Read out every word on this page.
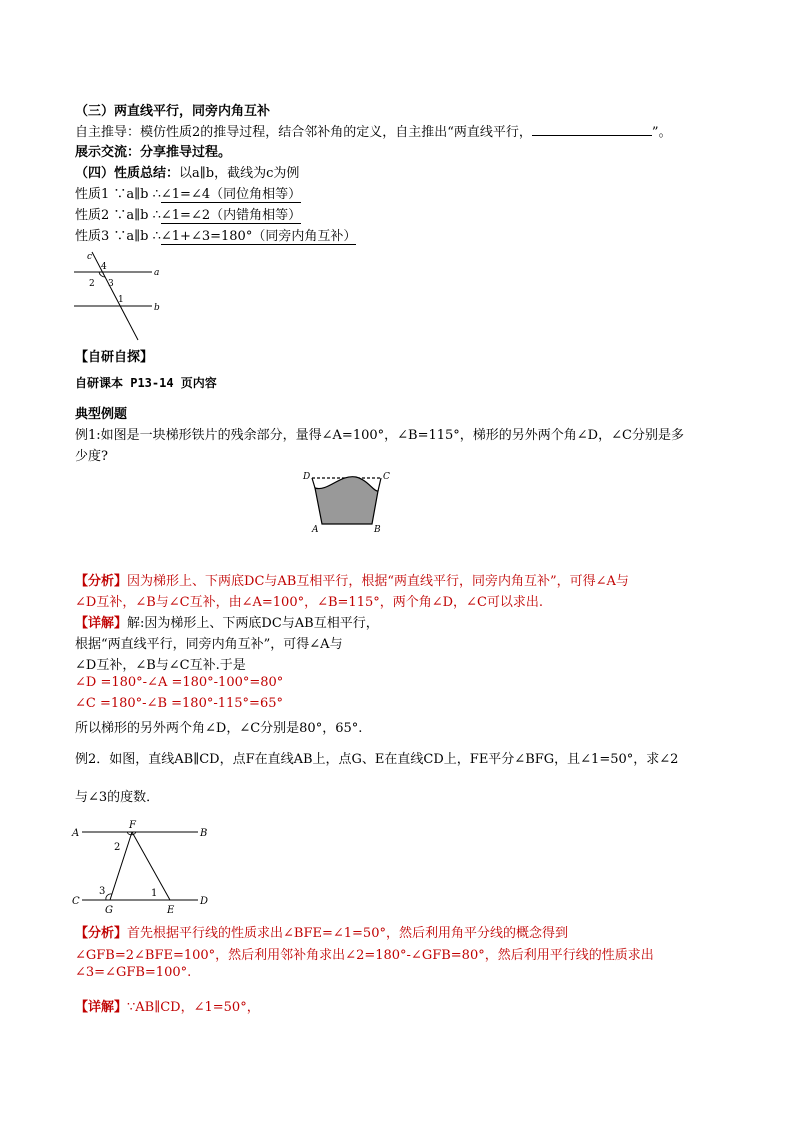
（三）两直线平行，同旁内角互补
自主推导：模仿性质2的推导过程，结合邻补角的定义，自主推出“两直线平行，	”。
展示交流：分享推导过程。
（四）性质总结：以a∥b，截线为c为例
性质1 ∵a∥b ∴∠1=∠4（同位角相等）
性质2 ∵a∥b ∴∠1=∠2（内错角相等）
性质3 ∵a∥b ∴∠1+∠3=180°（同旁内角互补）
c
4
a
2 3
1
b
【自研自探】
自研课本 P13-14 页内容
典型例题
例1:如图是一块梯形铁片的残余部分，量得∠A=100°，∠B=115°，梯形的另外两个角∠D，∠C分别是多
少度?
D	C
A	B
【分析】因为梯形上、下两底DC与AB互相平行，根据“两直线平行，同旁内角互补”，可得∠A与
∠D互补，∠B与∠C互补，由∠A=100°，∠B=115°，两个角∠D，∠C可以求出.
【详解】解:因为梯形上、下两底DC与AB互相平行，
根据“两直线平行，同旁内角互补”，可得∠A与
∠D互补，∠B与∠C互补.于是
∠D =180°-∠A =180°-100°=80°
∠C =180°-∠B =180°-115°=65°
所以梯形的另外两个角∠D，∠C分别是80°，65°.
例2．如图，直线AB∥CD，点F在直线AB上，点G、E在直线CD上，FE平分∠BFG，且∠1=50°，求∠2
与∠3的度数．
A
F
B
2
3	1
C
G	E
D
【分析】首先根据平行线的性质求出∠BFE=∠1=50°，然后利用角平分线的概念得到
∠GFB=2∠BFE=100°，然后利用邻补角求出∠2=180°-∠GFB=80°，然后利用平行线的性质求出
∠3=∠GFB=100°.
【详解】∵AB∥CD，∠1=50°，
